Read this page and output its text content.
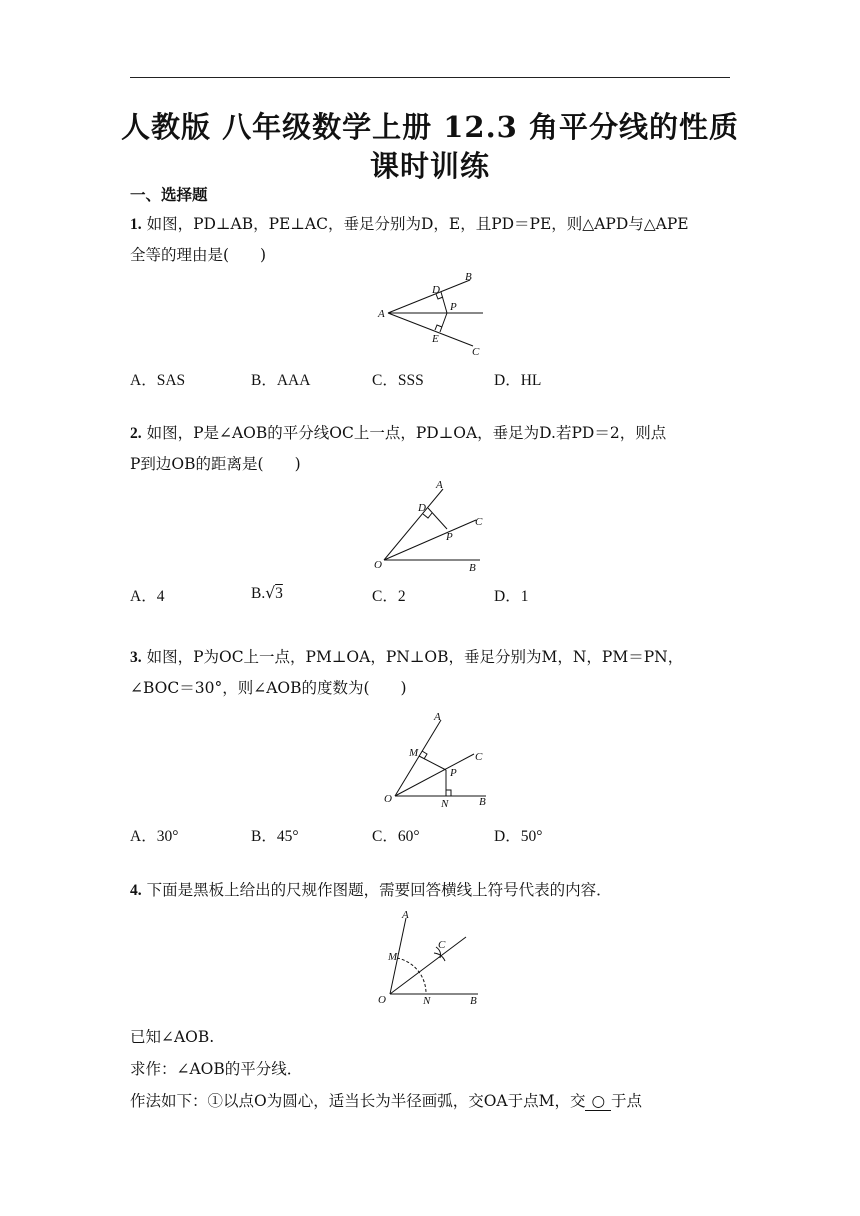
人教版 八年级数学上册 12.3 角平分线的性质
课时训练
一、选择题
1. 如图，PD⊥AB，PE⊥AC，垂足分别为D，E，且PD＝PE，则△APD与△APE
全等的理由是(　　)
A
B
C
D
E
P
A．SAS	B．AAA	C．SSS	D．HL
2. 如图，P是∠AOB的平分线OC上一点，PD⊥OA，垂足为D.若PD＝2，则点
P到边OB的距离是(　　)
O
A
B
C
D
P
A．4	B.√3	C．2	D．1
3. 如图，P为OC上一点，PM⊥OA，PN⊥OB，垂足分别为M，N，PM＝PN，
∠BOC＝30°，则∠AOB的度数为(　　)
O
A
B
C
M
N
P
A．30°	B．45°	C．60°	D．50°
4. 下面是黑板上给出的尺规作图题，需要回答横线上符号代表的内容．
O
A
B
C
M
N
已知∠AOB.
求作：∠AOB的平分线．
作法如下：①以点O为圆心，适当长为半径画弧，交OA于点M，交 ○ 于点
